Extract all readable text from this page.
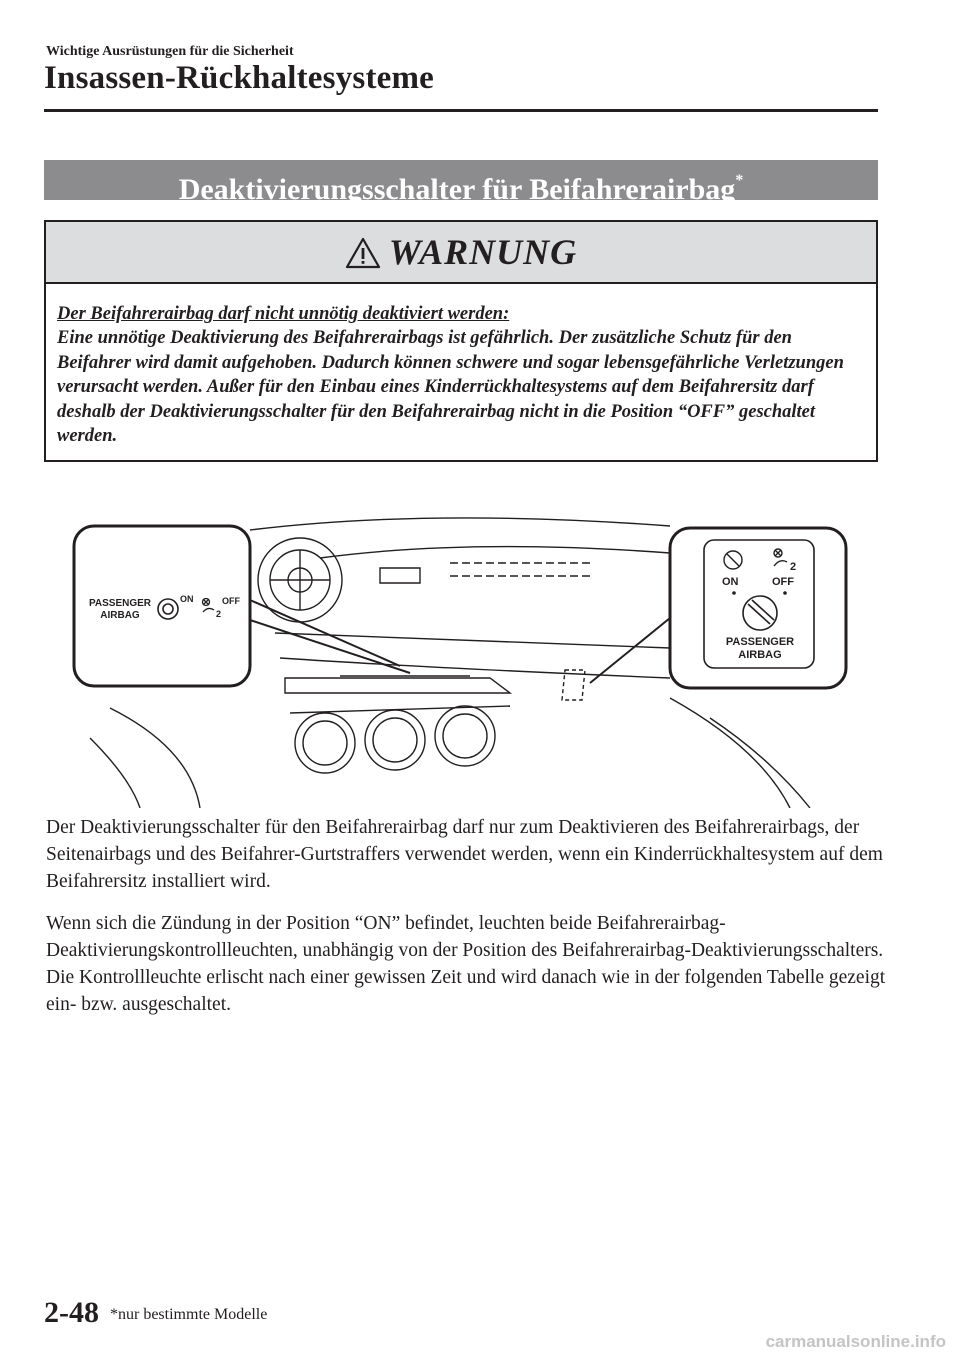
Wichtige Ausrüstungen für die Sicherheit
Insassen-Rückhaltesysteme
Deaktivierungsschalter für Beifahrerairbag*
WARNUNG
Der Beifahrerairbag darf nicht unnötig deaktiviert werden:
Eine unnötige Deaktivierung des Beifahrerairbags ist gefährlich. Der zusätzliche Schutz für den Beifahrer wird damit aufgehoben. Dadurch können schwere und sogar lebensgefährliche Verletzungen verursacht werden. Außer für den Einbau eines Kinderrückhaltesystems auf dem Beifahrersitz darf deshalb der Deaktivierungsschalter für den Beifahrerairbag nicht in die Position “OFF” geschaltet werden.
PASSENGER
AIRBAG
ON	OFF
2
2
ON	OFF
PASSENGER
AIRBAG

Der Deaktivierungsschalter für den Beifahrerairbag darf nur zum Deaktivieren des Beifahrerairbags, der Seitenairbags und des Beifahrer-Gurtstraffers verwendet werden, wenn ein Kinderrückhaltesystem auf dem Beifahrersitz installiert wird.

Wenn sich die Zündung in der Position “ON” befindet, leuchten beide Beifahrerairbag-Deaktivierungskontrollleuchten, unabhängig von der Position des Beifahrerairbag-Deaktivierungsschalters. Die Kontrollleuchte erlischt nach einer gewissen Zeit und wird danach wie in der folgenden Tabelle gezeigt ein- bzw. ausgeschaltet.

2-48 *nur bestimmte Modelle
carmanualsonline.info
